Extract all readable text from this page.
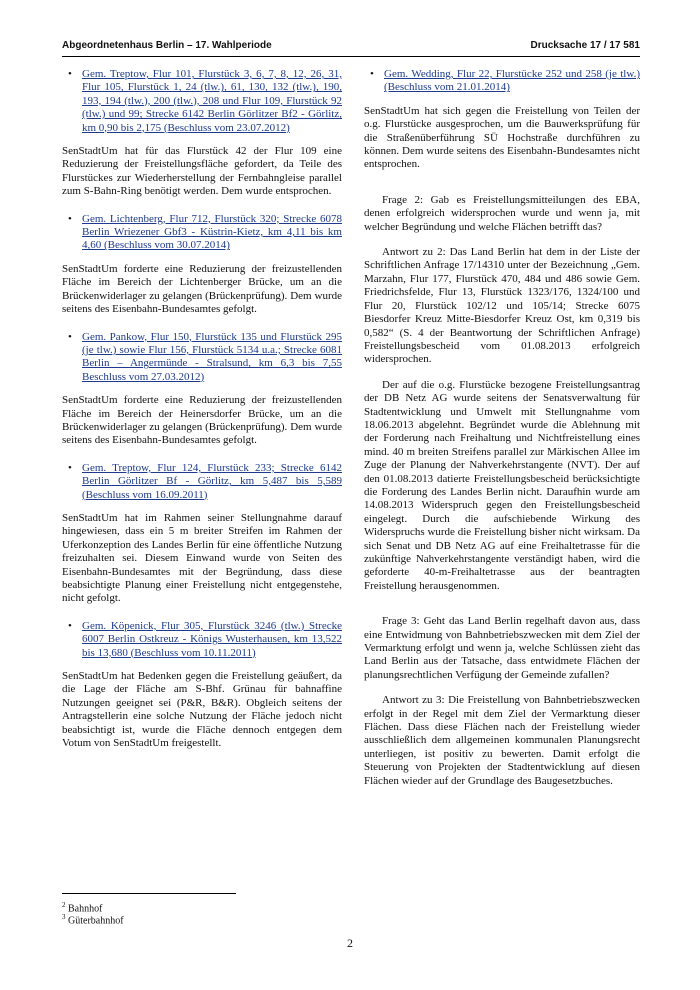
Abgeordnetenhaus Berlin – 17. Wahlperiode	Drucksache 17 / 17 581
• Gem. Treptow, Flur 101, Flurstück 3, 6, 7, 8, 12, 26, 31, Flur 105, Flurstück 1, 24 (tlw.), 61, 130, 132 (tlw.), 190, 193, 194 (tlw.), 200 (tlw.), 208 und Flur 109, Flurstück 92 (tlw.) und 99; Strecke 6142 Berlin Görlitzer Bf2 - Görlitz, km 0,90 bis 2,175 (Beschluss vom 23.07.2012)

SenStadtUm hat für das Flurstück 42 der Flur 109 eine Reduzierung der Freistellungsfläche gefordert, da Teile des Flurstückes zur Wiederherstellung der Fernbahngleise parallel zum S-Bahn-Ring benötigt werden. Dem wurde entsprochen.

• Gem. Lichtenberg, Flur 712, Flurstück 320; Strecke 6078 Berlin Wriezener Gbf3 - Küstrin-Kietz, km 4,11 bis km 4,60 (Beschluss vom 30.07.2014)

SenStadtUm forderte eine Reduzierung der freizustellenden Fläche im Bereich der Lichtenberger Brücke, um an die Brückenwiderlager zu gelangen (Brückenprüfung). Dem wurde seitens des Eisenbahn-Bundesamtes gefolgt.

• Gem. Pankow, Flur 150, Flurstück 135 und Flurstück 295 (je tlw.) sowie Flur 156, Flurstück 5134 u.a.; Strecke 6081 Berlin – Angermünde - Stralsund, km 6,3 bis 7,55 Beschluss vom 27.03.2012)

SenStadtUm forderte eine Reduzierung der freizustellenden Fläche im Bereich der Heinersdorfer Brücke, um an die Brückenwiderlager zu gelangen (Brückenprüfung). Dem wurde seitens des Eisenbahn-Bundesamtes gefolgt.

• Gem. Treptow, Flur 124, Flurstück 233; Strecke 6142 Berlin Görlitzer Bf - Görlitz, km 5,487 bis 5,589 (Beschluss vom 16.09.2011)

SenStadtUm hat im Rahmen seiner Stellungnahme darauf hingewiesen, dass ein 5 m breiter Streifen im Rahmen der Uferkonzeption des Landes Berlin für eine öffentliche Nutzung freizuhalten sei. Diesem Einwand wurde von Seiten des Eisenbahn-Bundesamtes mit der Begründung, dass diese beabsichtigte Planung einer Freistellung nicht entgegenstehe, nicht gefolgt.

• Gem. Köpenick, Flur 305, Flurstück 3246 (tlw.) Strecke 6007 Berlin Ostkreuz - Königs Wusterhausen, km 13,522 bis 13,680 (Beschluss vom 10.11.2011)

SenStadtUm hat Bedenken gegen die Freistellung geäußert, da die Lage der Fläche am S-Bhf. Grünau für bahnaffine Nutzungen geeignet sei (P&R, B&R). Obgleich seitens der Antragstellerin eine solche Nutzung der Fläche jedoch nicht beabsichtigt ist, wurde die Fläche dennoch entgegen dem Votum von SenStadtUm freigestellt.

• Gem. Wedding, Flur 22, Flurstücke 252 und 258 (je tlw.) (Beschluss vom 21.01.2014)

SenStadtUm hat sich gegen die Freistellung von Teilen der o.g. Flurstücke ausgesprochen, um die Bauwerksprüfung für die Straßenüberführung SÜ Hochstraße durchführen zu können. Dem wurde seitens des Eisenbahn-Bundesamtes nicht entsprochen.

Frage 2: Gab es Freistellungsmitteilungen des EBA, denen erfolgreich widersprochen wurde und wenn ja, mit welcher Begründung und welche Flächen betrifft das?

Antwort zu 2: Das Land Berlin hat dem in der Liste der Schriftlichen Anfrage 17/14310 unter der Bezeichnung „Gem. Marzahn, Flur 177, Flurstück 470, 484 und 486 sowie Gem. Friedrichsfelde, Flur 13, Flurstück 1323/176, 1324/100 und Flur 20, Flurstück 102/12 und 105/14; Strecke 6075 Biesdorfer Kreuz Mitte-Biesdorfer Kreuz Ost, km 0,319 bis 0,582“ (S. 4 der Beantwortung der Schriftlichen Anfrage) Freistellungsbescheid vom 01.08.2013 erfolgreich widersprochen.

Der auf die o.g. Flurstücke bezogene Freistellungsantrag der DB Netz AG wurde seitens der Senatsverwaltung für Stadtentwicklung und Umwelt mit Stellungnahme vom 18.06.2013 abgelehnt. Begründet wurde die Ablehnung mit der Forderung nach Freihaltung und Nichtfreistellung eines mind. 40 m breiten Streifens parallel zur Märkischen Allee im Zuge der Planung der Nahverkehrstangente (NVT). Der auf den 01.08.2013 datierte Freistellungsbescheid berücksichtigte die Forderung des Landes Berlin nicht. Daraufhin wurde am 14.08.2013 Widerspruch gegen den Freistellungsbescheid eingelegt. Durch die aufschiebende Wirkung des Widerspruchs wurde die Freistellung bisher nicht wirksam. Da sich Senat und DB Netz AG auf eine Freihaltetrasse für die zukünftige Nahverkehrstangente verständigt haben, wird die geforderte 40-m-Freihaltetrasse aus der beantragten Freistellung herausgenommen.

Frage 3: Geht das Land Berlin regelhaft davon aus, dass eine Entwidmung von Bahnbetriebszwecken mit dem Ziel der Vermarktung erfolgt und wenn ja, welche Schlüssen zieht das Land Berlin aus der Tatsache, dass entwidmete Flächen der planungsrechtlichen Verfügung der Gemeinde zufallen?

Antwort zu 3: Die Freistellung von Bahnbetriebszwecken erfolgt in der Regel mit dem Ziel der Vermarktung dieser Flächen. Dass diese Flächen nach der Freistellung wieder ausschließlich dem allgemeinen kommunalen Planungsrecht unterliegen, ist positiv zu bewerten. Damit erfolgt die Steuerung von Projekten der Stadtentwicklung auf diesen Flächen wieder auf der Grundlage des Baugesetzbuches.

$^2$ Bahnhof
$^3$ Güterbahnhof
2
